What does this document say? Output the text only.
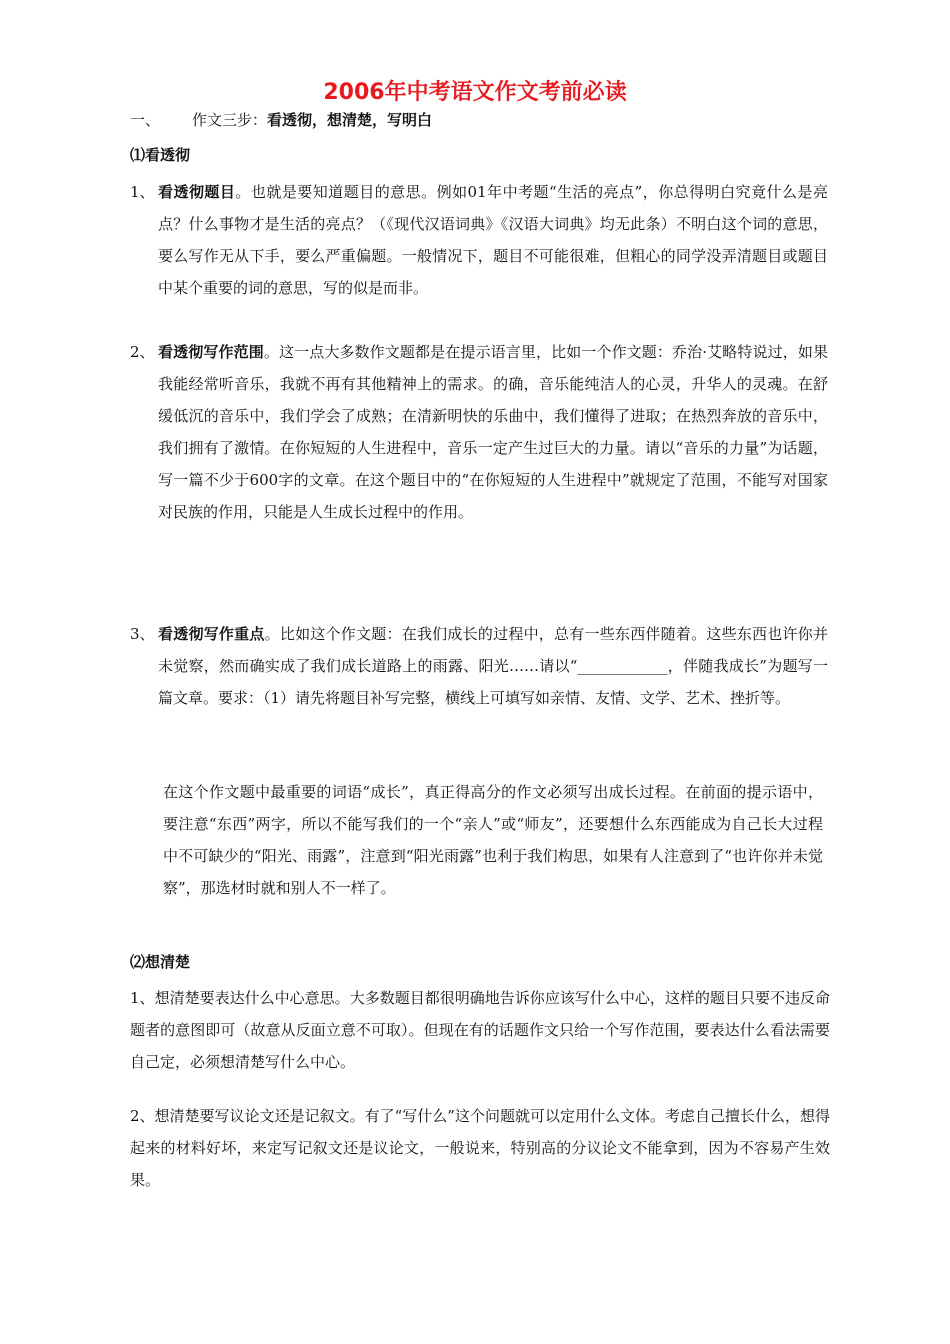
2006年中考语文作文考前必读
一、 作文三步：看透彻，想清楚，写明白
⑴看透彻
1、 看透彻题目。也就是要知道题目的意思。例如01年中考题“生活的亮点”，你总得明白究竟什么是亮点？什么事物才是生活的亮点？（《现代汉语词典》《汉语大词典》均无此条）不明白这个词的意思，要么写作无从下手，要么严重偏题。一般情况下，题目不可能很难，但粗心的同学没弄清题目或题目中某个重要的词的意思，写的似是而非。
2、 看透彻写作范围。这一点大多数作文题都是在提示语言里，比如一个作文题：乔治·艾略特说过，如果我能经常听音乐，我就不再有其他精神上的需求。的确，音乐能纯洁人的心灵，升华人的灵魂。在舒缓低沉的音乐中，我们学会了成熟；在清新明快的乐曲中，我们懂得了进取；在热烈奔放的音乐中，我们拥有了激情。在你短短的人生进程中，音乐一定产生过巨大的力量。请以“音乐的力量”为话题，写一篇不少于600字的文章。在这个题目中的“在你短短的人生进程中”就规定了范围，不能写对国家对民族的作用，只能是人生成长过程中的作用。
3、 看透彻写作重点。比如这个作文题：在我们成长的过程中，总有一些东西伴随着。这些东西也许你并未觉察，然而确实成了我们成长道路上的雨露、阳光……请以“____________，伴随我成长”为题写一篇文章。要求：（1）请先将题目补写完整，横线上可填写如亲情、友情、文学、艺术、挫折等。
在这个作文题中最重要的词语“成长”，真正得高分的作文必须写出成长过程。在前面的提示语中，要注意“东西”两字，所以不能写我们的一个“亲人”或“师友”，还要想什么东西能成为自己长大过程中不可缺少的“阳光、雨露”，注意到“阳光雨露”也利于我们构思，如果有人注意到了“也许你并未觉察”，那选材时就和别人不一样了。
⑵想清楚
1、想清楚要表达什么中心意思。大多数题目都很明确地告诉你应该写什么中心，这样的题目只要不违反命题者的意图即可（故意从反面立意不可取）。但现在有的话题作文只给一个写作范围，要表达什么看法需要自己定，必须想清楚写什么中心。
2、想清楚要写议论文还是记叙文。有了“写什么”这个问题就可以定用什么文体。考虑自己擅长什么，想得起来的材料好坏，来定写记叙文还是议论文，一般说来，特别高的分议论文不能拿到，因为不容易产生效果。
